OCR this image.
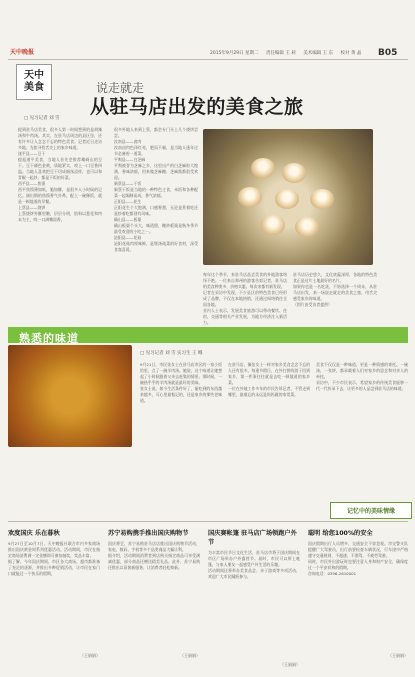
天中晚报	2015年9月29日 星期二 责任编辑 王 莉 美术编辑 王 东 校对 黄 晶	B05
天中
美食	说走就走
从驻马店出发的美食之旅
□ 见习记者 刘 雪
提到驻马店美食，很多人第一时间想到的是胡辣汤和牛肉汤。其实，在驻马店周边的县区里，还有许多让人念念不忘的特色美食。记者近日走访多地，为您寻找舌尖上的家乡味道。
遂平县——豆干
提起遂平美食，当地人首先会推荐嵖岈山的豆干。豆干颜色金黄，质地紧实，咬上一口豆香四溢。当地人喜欢把豆干切成细丝凉拌，也可以和青椒一起炒，都是下饭的好菜。
西平县——焦馍
西平焦馍薄如纸，脆如酥，是很多人小时候的记忆。刚出锅的焦馍香气扑鼻，配上一碗稀饭，就是一顿地道的早餐。
上蔡县——烧饼
上蔡烧饼外酥里嫩，层层分明，馅料以葱花和肉末为主，咬一口满嘴留香。
很多外地人来到上蔡，都会专门买上几个烧饼尝尝。
汝南县——卤肉
汝南卤肉色泽红亮，肥而不腻，是当地人逢年过节必备的一道菜。
平舆县——白芝麻
平舆被誉为芝麻之乡，这里出产的白芝麻粒大饱满，香味浓郁，用来做芝麻糖、芝麻酱都很受欢迎。
新蔡县——干饭
新蔡干饭是当地的一种特色主食，米饭和各种配菜一起焖制而成，香气浓郁。
正阳县——花生
正阳花生个大饱满，口感香甜，无论是煮着吃还是炒着吃都别有风味。
确山县——板栗
确山板栗个头大，味道甜，糖炒板栗是秋冬季节最受欢迎的小吃之一。
泌阳县——花菇
泌阳花菇肉厚味鲜，是煲汤炖菜的好食材，深受食客喜爱。
每年这个季节，来驻马店品尝美食的外地游客络绎不绝。一位来自郑州的游客告诉记者，驻马店的美食种类多，价格实惠，每次来都有新发现。
记者在采访中发现，不少县区的特色美食已经形成了品牌，不仅在本地热销，还通过网络销往全国各地。
业内人士表示，发展美食旅游可以带动餐饮、住宿、交通等相关产业发展，为地方经济注入新活力。
驻马店历史悠久，文化底蕴深厚，各地的特色美食正是这片土地最好的名片。
如果你也是一名吃货，不妨选择一个周末，从驻马店出发，来一场说走就走的美食之旅，用舌尖感受家乡的味道。
（图片由受访者提供）
熟悉的味道
□ 见习记者 刘 雪 实习生 王 娜
9月21日，市民张女士在驻马店市区的一家小饭馆里，点了一碗羊肉汤。她说，这个味道让她想起了小时候跟着父亲去赶集的情景。那时候，一碗热乎乎的羊肉汤就是最好的美味。
张女士说，如今生活条件好了，能吃到的东西越来越多，可心里最惦记的，还是家乡的那些老味道。
在驻马店，像张女士一样对家乡美食念念不忘的人还有很多。每逢节假日，在外打拼的游子回到家乡，第一件事往往就是去吃一顿地道的家乡菜。
一位在外地工作多年的市民告诉记者，不管走到哪里，最难忘的永远是妈妈做的家常菜。
美食不仅仅是一种味道，更是一种情感的寄托。一碗汤、一张饼，都承载着人们对家乡的思念和对亲人的牵挂。
采访中，不少市民表示，希望家乡的传统美食能够一代一代传承下去，让更多的人品尝到驻马店的味道。
记忆中的美味情缘
欢度国庆 乐在暮秋
9月27日至10月7日，天中晚报社联合市内多家商场推出国庆黄金周系列优惠活动。活动期间，市民在指定商场消费满一定金额即可参加抽奖，奖品丰富。
据了解，今年国庆期间，市区各大商场、超市都准备了充足的货源，并推出多种促销活动，让市民在家门口就能过一个快乐的假期。
（王娟娟）
苏宁易购携手推出国庆购物节
国庆将至，苏宁易购驻马店店推出国庆购物节活动，家电、数码、手机等多个品类商品大幅让利。
据介绍，活动期间消费者到店购买指定商品可享受满减优惠，部分商品还赠送精美礼品。此外，苏宁易购还推出以旧换新服务，让消费者轻松换新。
（王娟娟）
国庆赛帐篷 驻马店广场领跑户外节
为丰富市民节日文化生活，驻马店市将于国庆期间在市区广场举办户外露营节。届时，市民可以带上帐篷，与家人朋友一起感受户外生活的乐趣。
活动期间还将举办美食品尝、亲子游戏等多项活动，欢迎广大市民踊跃参与。
（王娟娟）
聪明 给您100%的安全
国庆假期出行人员增多，交通安全不容忽视。市交警支队提醒广大驾驶员，出行前要检查车辆状况，行车途中严格遵守交通规则，不超速、不酒驾、不疲劳驾驶。
同时，市民外出游玩时也要注意人身和财产安全，确保度过一个平安祥和的假期。
咨询电话：0396-2610001
（王娟娟）
